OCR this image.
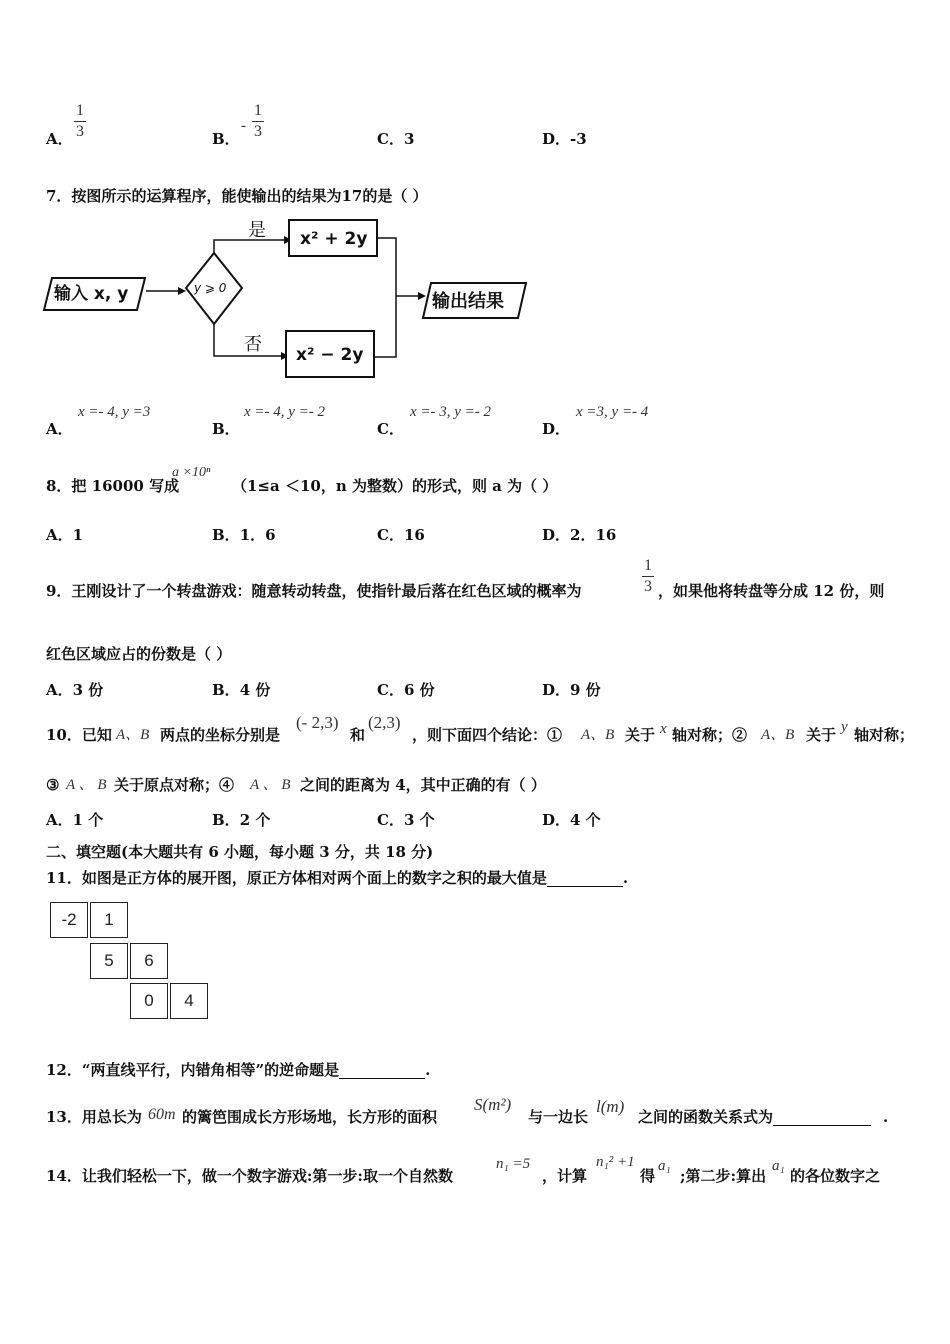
A．
1
3	B．
-
1
3	C．3	D．-3
7．按图所示的运算程序，能使输出的结果为17的是（ ）
输入 x, y	y ⩾ 0
是
否
x² + 2y
x² − 2y
输出结果
A．
x =- 4, y =3
B．
x =- 4, y =- 2
C．
x =- 3, y =- 2
D．
x =3, y =- 4
8．把 16000 写成
a ×10ⁿ
（1≤a ＜10，n 为整数）的形式，则 a 为（ ）
A．1	B．1．6	C．16	D．2．16
9．王刚设计了一个转盘游戏：随意转动转盘，使指针最后落在红色区域的概率为
1
3 ，如果他将转盘等分成 12 份，则
红色区域应占的份数是（ ）
A．3 份	B．4 份	C．6 份	D．9 份
10．已知 A、B 两点的坐标分别是
(- 2,3)
和
(2,3)
，则下面四个结论：① A、B 关于 x 轴对称；② A、B 关于 y 轴对称；
③ A 、 B 关于原点对称；④ A 、 B 之间的距离为 4，其中正确的有（ ）
A．1 个	B．2 个	C．3 个	D．4 个
二、填空题(本大题共有 6 小题，每小题 3 分，共 18 分)
11．如图是正方体的展开图，原正方体相对两个面上的数字之积的最大值是	.
-2	1
5	6
0	4
12．“两直线平行，内错角相等”的逆命题是	.
13．用总长为 60m 的篱笆围成长方形场地，长方形的面积
S(m²)
与一边长
l(m)
之间的函数关系式为	.
14．让我们轻松一下，做一个数字游戏:第一步:取一个自然数
n₁ =5
，计算
n₁² +1
得
a₁
;第二步:算出
a₁
的各位数字之
